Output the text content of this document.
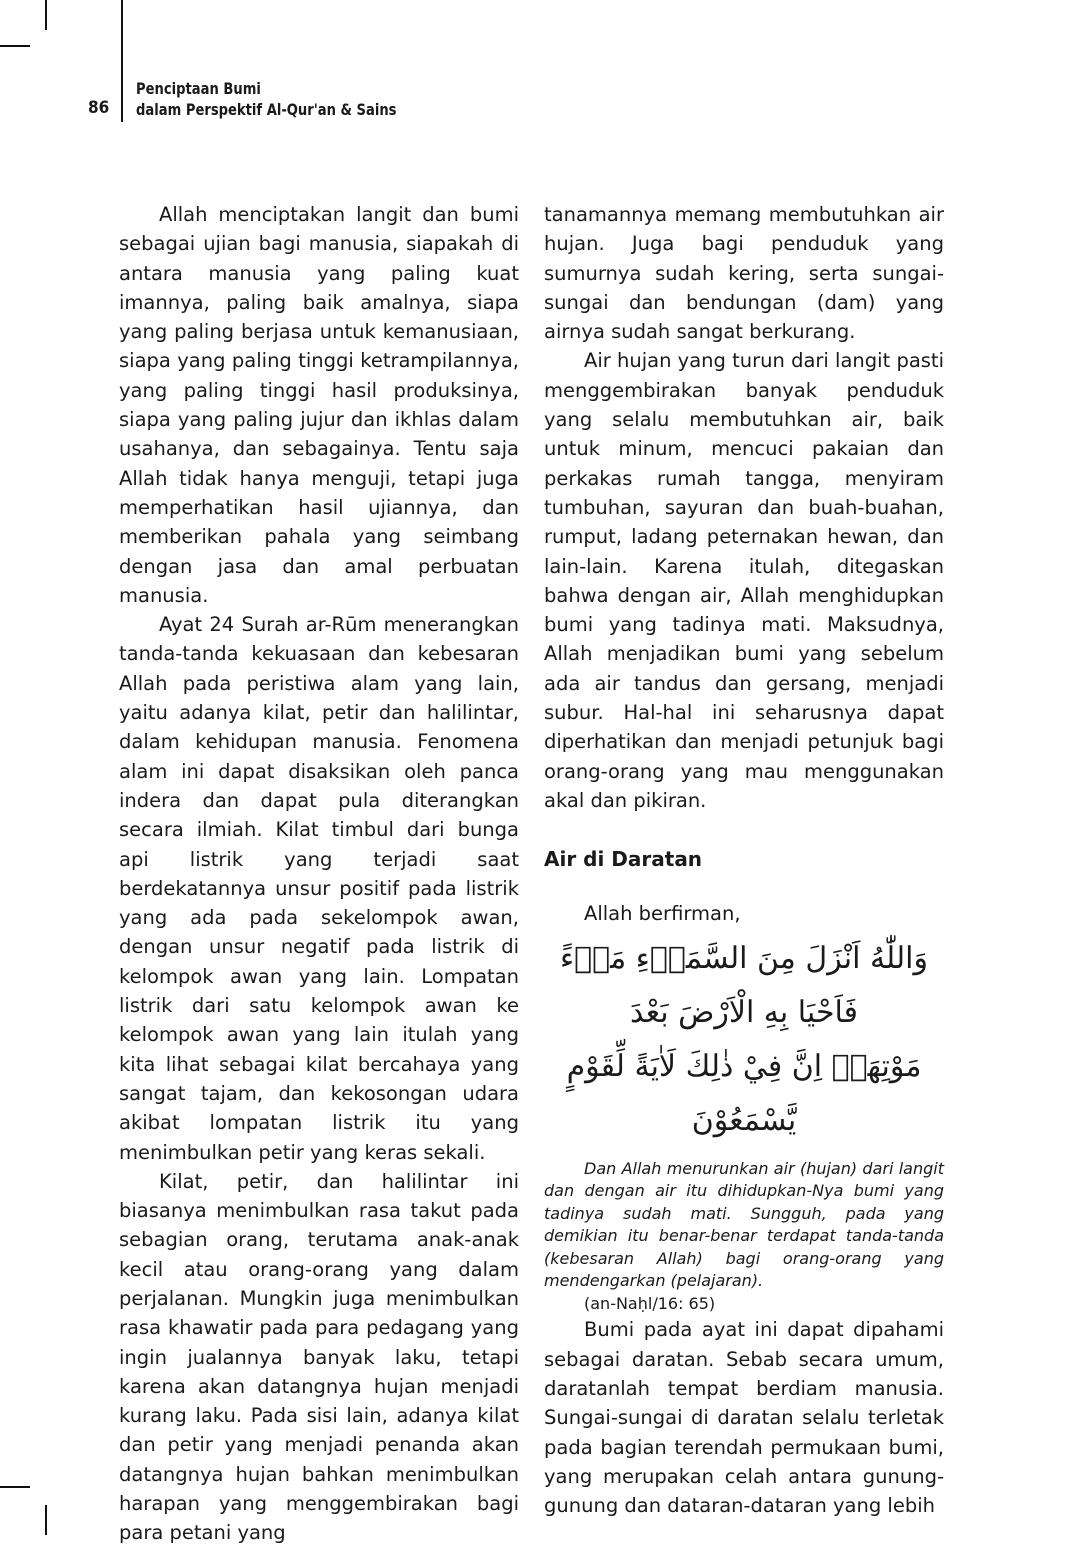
86
Penciptaan Bumi
dalam Perspektif Al-Qur'an & Sains

Allah menciptakan langit dan bumi sebagai ujian bagi manusia, siapakah di antara manusia yang paling kuat imannya, paling baik amalnya, siapa yang paling berjasa untuk kemanusiaan, siapa yang paling tinggi ketrampilannya, yang paling tinggi hasil produksinya, siapa yang paling jujur dan ikhlas dalam usahanya, dan sebagainya. Tentu saja Allah tidak hanya menguji, tetapi juga memperhatikan hasil ujiannya, dan memberikan pahala yang seimbang dengan jasa dan amal perbuatan manusia.

Ayat 24 Surah ar-Rūm menerangkan tanda-tanda kekuasaan dan kebesaran Allah pada peristiwa alam yang lain, yaitu adanya kilat, petir dan halilintar, dalam kehidupan manusia. Fenomena alam ini dapat disaksikan oleh panca indera dan dapat pula diterangkan secara ilmiah. Kilat timbul dari bunga api listrik yang terjadi saat berdekatannya unsur positif pada listrik yang ada pada sekelompok awan, dengan unsur negatif pada listrik di kelompok awan yang lain. Lompatan listrik dari satu kelompok awan ke kelompok awan yang lain itulah yang kita lihat sebagai kilat bercahaya yang sangat tajam, dan kekosongan udara akibat lompatan listrik itu yang menimbulkan petir yang keras sekali.

Kilat, petir, dan halilintar ini biasanya menimbulkan rasa takut pada sebagian orang, terutama anak-anak kecil atau orang-orang yang dalam perjalanan. Mungkin juga menimbulkan rasa khawatir pada para pedagang yang ingin jualannya banyak laku, tetapi karena akan datangnya hujan menjadi kurang laku. Pada sisi lain, adanya kilat dan petir yang menjadi penanda akan datangnya hujan bahkan menimbulkan harapan yang menggembirakan bagi para petani yang

tanamannya memang membutuhkan air hujan. Juga bagi penduduk yang sumurnya sudah kering, serta sungai-sungai dan bendungan (dam) yang airnya sudah sangat berkurang.

Air hujan yang turun dari langit pasti menggembirakan banyak penduduk yang selalu membutuhkan air, baik untuk minum, mencuci pakaian dan perkakas rumah tangga, menyiram tumbuhan, sayuran dan buah-buahan, rumput, ladang peternakan hewan, dan lain-lain. Karena itulah, ditegaskan bahwa dengan air, Allah menghidupkan bumi yang tadinya mati. Maksudnya, Allah menjadikan bumi yang sebelum ada air tandus dan gersang, menjadi subur. Hal-hal ini seharusnya dapat diperhatikan dan menjadi petunjuk bagi orang-orang yang mau menggunakan akal dan pikiran.

Air di Daratan

Allah berfirman,

وَاللّٰهُ اَنْزَلَ مِنَ السَّمَاۤءِ مَاۤءً فَاَحْيَا بِهِ الْاَرْضَ بَعْدَ
مَوْتِهَاۗ اِنَّ فِيْ ذٰلِكَ لَاٰيَةً لِّقَوْمٍ يَّسْمَعُوْنَ

Dan Allah menurunkan air (hujan) dari langit dan dengan air itu dihidupkan-Nya bumi yang tadinya sudah mati. Sungguh, pada yang demikian itu benar-benar terdapat tanda-tanda (kebesaran Allah) bagi orang-orang yang mendengarkan (pelajaran).

(an-Naḥl/16: 65)

Bumi pada ayat ini dapat dipahami sebagai daratan. Sebab secara umum, daratanlah tempat berdiam manusia. Sungai-sungai di daratan selalu terletak pada bagian terendah permukaan bumi, yang merupakan celah antara gunung-gunung dan dataran-dataran yang lebih
